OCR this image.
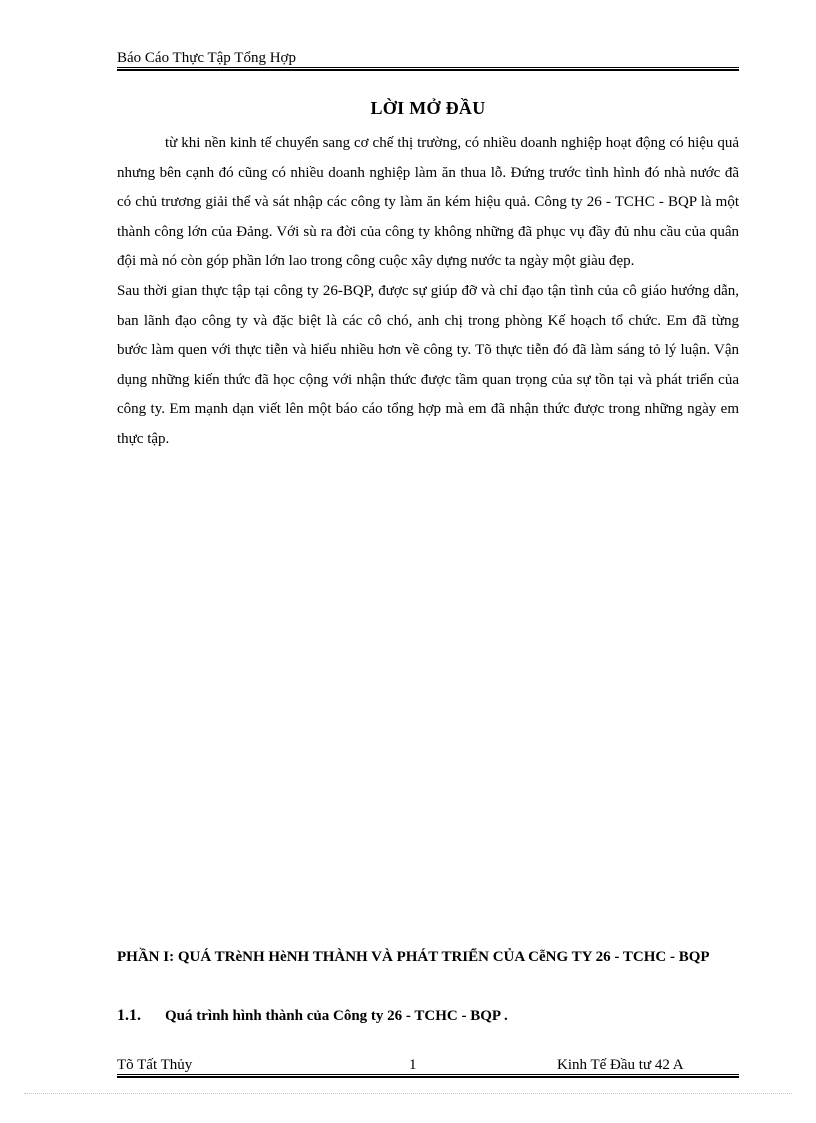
Báo Cáo Thực Tập Tổng Hợp
LỜI MỞ ĐẦU

từ khi nền kinh tế chuyển sang cơ chế thị trường, có nhiều doanh nghiệp hoạt động có hiệu quả nhưng bên cạnh đó cũng có nhiều doanh nghiệp làm ăn thua lỗ. Đứng trước tình hình đó nhà nước đã có chủ trương giải thể và sát nhập các công ty làm ăn kém hiệu quả. Công ty 26 - TCHC - BQP là một thành công lớn của Đảng. Với sù ra đời của công ty không những đã phục vụ đầy đủ nhu cầu của quân đội mà nó còn góp phần lớn lao trong công cuộc xây dựng nước ta ngày một giàu đẹp.

Sau thời gian thực tập tại công ty 26-BQP, được sự giúp đỡ và chỉ đạo tận tình của cô giáo hướng dẫn, ban lãnh đạo công ty và đặc biệt là các cô chó, anh chị trong phòng Kế hoạch tổ chức. Em đã từng bước làm quen với thực tiễn và hiểu nhiều hơn về công ty. Tõ thực tiễn đó đã làm sáng tỏ lý luận. Vận dụng những kiến thức đã học cộng với nhận thức được tầm quan trọng của sự tồn tại và phát triển của công ty. Em mạnh dạn viết lên một báo cáo tổng hợp mà em đã nhận thức được trong những ngày em thực tập.

PHẦN I: QUÁ TRèNH HèNH THÀNH VÀ PHÁT TRIỂN CỦA CễNG TY 26 - TCHC - BQP
1.1. Quá trình hình thành của Công ty 26 - TCHC - BQP .
Tõ Tất Thủy	1	Kinh Tế Đầu tư 42 A
